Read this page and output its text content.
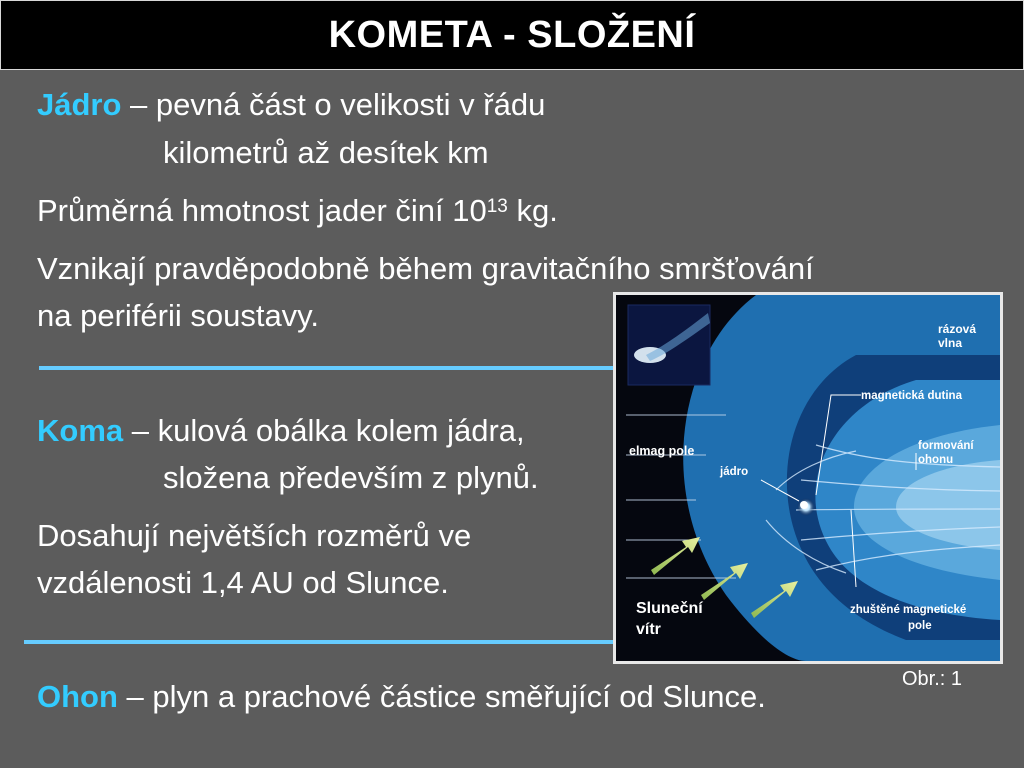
KOMETA - SLOŽENÍ
Jádro – pevná část o velikosti v řádu
kilometrů až desítek km
Průměrná hmotnost jader činí $10^{13}$ kg.
Vznikají pravděpodobně během gravitačního smršťování
na periférii soustavy.
Koma – kulová obálka kolem jádra,
složena především z plynů.
Dosahují největších rozměrů ve
vzdálenosti 1,4 AU od Slunce.
Ohon – plyn a prachové částice směřující od Slunce.
rázová
vlna
magnetická dutina
formování
ohonu
elmag pole
jádro
Sluneční
vítr
zhuštěné magnetické
pole
Obr.: 1
